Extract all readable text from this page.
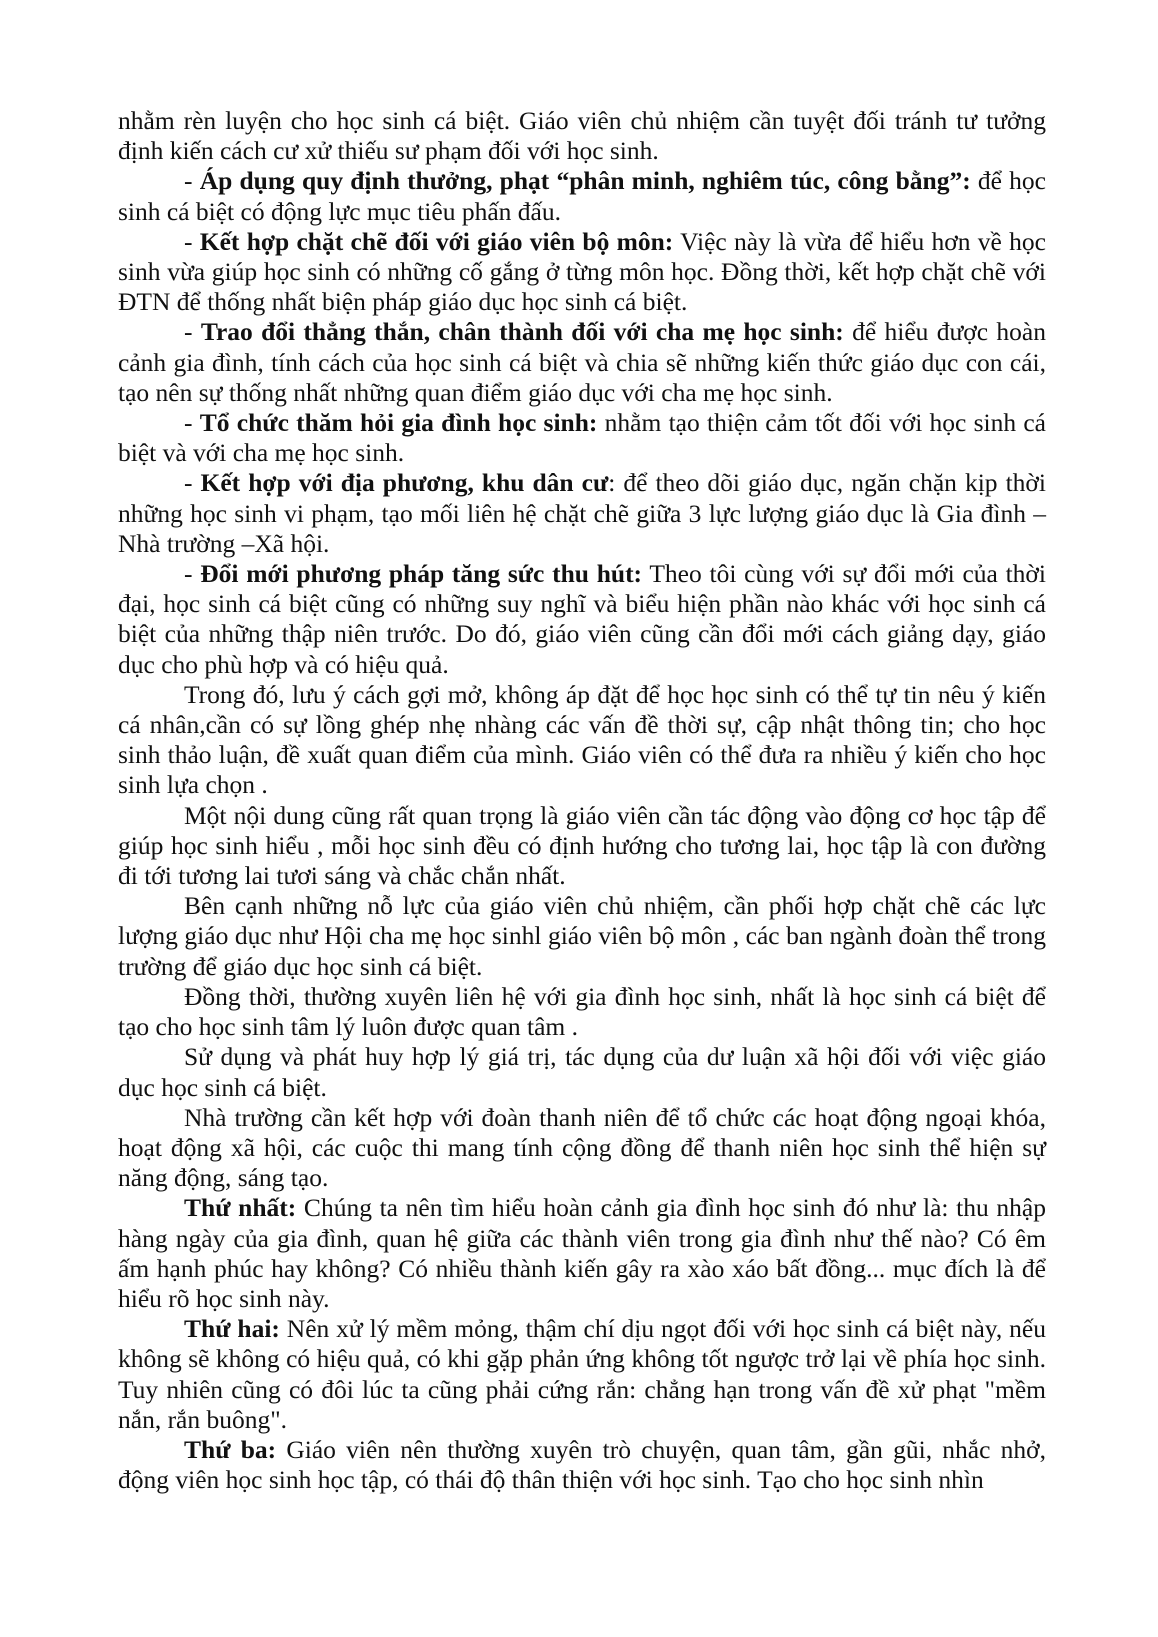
nhằm rèn luyện cho học sinh cá biệt. Giáo viên chủ nhiệm cần tuyệt đối tránh tư tưởng định kiến cách cư xử thiếu sư phạm đối với học sinh.

- Áp dụng quy định thưởng, phạt “phân minh, nghiêm túc, công bằng”: để học sinh cá biệt có động lực mục tiêu phấn đấu.

- Kết hợp chặt chẽ đối với giáo viên bộ môn: Việc này là vừa để hiểu hơn về học sinh vừa giúp học sinh có những cố gắng ở từng môn học. Đồng thời, kết hợp chặt chẽ với ĐTN để thống nhất biện pháp giáo dục học sinh cá biệt.

- Trao đổi thẳng thắn, chân thành đối với cha mẹ học sinh: để hiểu được hoàn cảnh gia đình, tính cách của học sinh cá biệt và chia sẽ những kiến thức giáo dục con cái, tạo nên sự thống nhất những quan điểm giáo dục với cha mẹ học sinh.

- Tổ chức thăm hỏi gia đình học sinh: nhằm tạo thiện cảm tốt đối với học sinh cá biệt và với cha mẹ học sinh.

- Kết hợp với địa phương, khu dân cư: để theo dõi giáo dục, ngăn chặn kịp thời những học sinh vi phạm, tạo mối liên hệ chặt chẽ giữa 3 lực lượng giáo dục là Gia đình – Nhà trường –Xã hội.

- Đổi mới phương pháp tăng sức thu hút: Theo tôi cùng với sự đổi mới của thời đại, học sinh cá biệt cũng có những suy nghĩ và biểu hiện phần nào khác với học sinh cá biệt của những thập niên trước. Do đó, giáo viên cũng cần đổi mới cách giảng dạy, giáo dục cho phù hợp và có hiệu quả.

Trong đó, lưu ý cách gợi mở, không áp đặt để học học sinh có thể tự tin nêu ý kiến cá nhân,cần có sự lồng ghép nhẹ nhàng các vấn đề thời sự, cập nhật thông tin; cho học sinh thảo luận, đề xuất quan điểm của mình. Giáo viên có thể đưa ra nhiều ý kiến cho học sinh lựa chọn .

Một nội dung cũng rất quan trọng là giáo viên cần tác động vào động cơ học tập để giúp học sinh hiểu , mỗi học sinh đều có định hướng cho tương lai, học tập là con đường đi tới tương lai tươi sáng và chắc chắn nhất.

Bên cạnh những nỗ lực của giáo viên chủ nhiệm, cần phối hợp chặt chẽ các lực lượng giáo dục như Hội cha mẹ học sinhl giáo viên bộ môn , các ban ngành đoàn thể trong trường để giáo dục học sinh cá biệt.

Đồng thời, thường xuyên liên hệ với gia đình học sinh, nhất là học sinh cá biệt để tạo cho học sinh tâm lý luôn được quan tâm .

Sử dụng và phát huy hợp lý giá trị, tác dụng của dư luận xã hội đối với việc giáo dục học sinh cá biệt.

Nhà trường cần kết hợp với đoàn thanh niên để tổ chức các hoạt động ngoại khóa, hoạt động xã hội, các cuộc thi mang tính cộng đồng để thanh niên học sinh thể hiện sự năng động, sáng tạo.

Thứ nhất: Chúng ta nên tìm hiểu hoàn cảnh gia đình học sinh đó như là: thu nhập hàng ngày của gia đình, quan hệ giữa các thành viên trong gia đình như thế nào? Có êm ấm hạnh phúc hay không? Có nhiều thành kiến gây ra xào xáo bất đồng... mục đích là để hiểu rõ học sinh này.

Thứ hai: Nên xử lý mềm mỏng, thậm chí dịu ngọt đối với học sinh cá biệt này, nếu không sẽ không có hiệu quả, có khi gặp phản ứng không tốt ngược trở lại về phía học sinh. Tuy nhiên cũng có đôi lúc ta cũng phải cứng rắn: chẳng hạn trong vấn đề xử phạt "mềm nắn, rắn buông".

Thứ ba: Giáo viên nên thường xuyên trò chuyện, quan tâm, gần gũi, nhắc nhở, động viên học sinh học tập, có thái độ thân thiện với học sinh. Tạo cho học sinh nhìn
